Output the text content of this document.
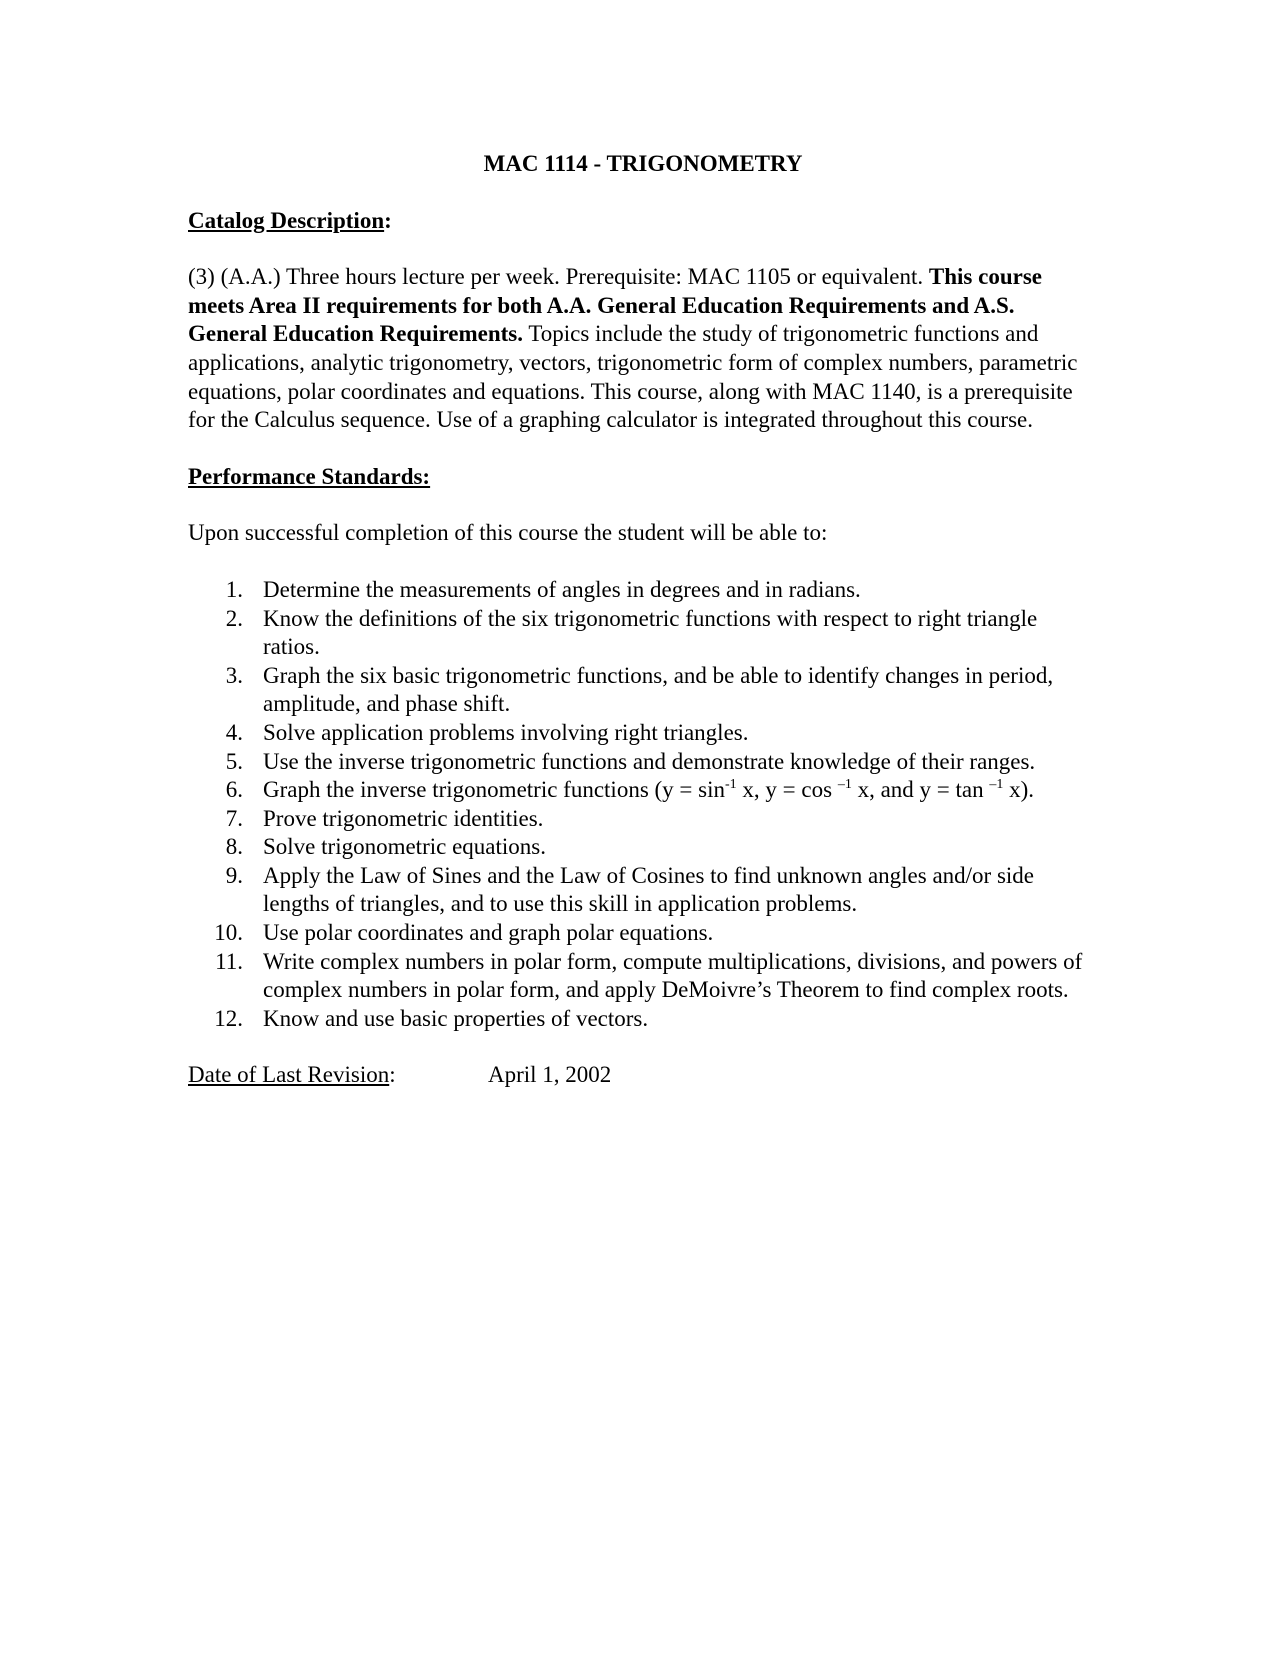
MAC 1114 - TRIGONOMETRY
Catalog Description:

(3) (A.A.) Three hours lecture per week. Prerequisite: MAC 1105 or equivalent. This course meets Area II requirements for both A.A. General Education Requirements and A.S. General Education Requirements. Topics include the study of trigonometric functions and applications, analytic trigonometry, vectors, trigonometric form of complex numbers, parametric equations, polar coordinates and equations. This course, along with MAC 1140, is a prerequisite for the Calculus sequence. Use of a graphing calculator is integrated throughout this course.

Performance Standards:

Upon successful completion of this course the student will be able to:

1. Determine the measurements of angles in degrees and in radians.
2. Know the definitions of the six trigonometric functions with respect to right triangle ratios.
3. Graph the six basic trigonometric functions, and be able to identify changes in period, amplitude, and phase shift.
4. Solve application problems involving right triangles.
5. Use the inverse trigonometric functions and demonstrate knowledge of their ranges.
6. Graph the inverse trigonometric functions ($y = \sin^{-1} x$, y = cos $^{-1}$ x, and y = tan $^{-1}$ x).
7. Prove trigonometric identities.
8. Solve trigonometric equations.
9. Apply the Law of Sines and the Law of Cosines to find unknown angles and/or side lengths of triangles, and to use this skill in application problems.
10. Use polar coordinates and graph polar equations.
11. Write complex numbers in polar form, compute multiplications, divisions, and powers of complex numbers in polar form, and apply DeMoivre’s Theorem to find complex roots.
12. Know and use basic properties of vectors.
Date of Last Revision:	April 1, 2002
